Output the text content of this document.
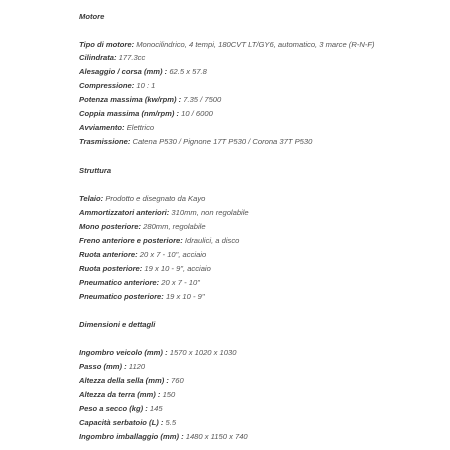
Motore
Tipo di motore: Monocilindrico, 4 tempi, 180CVT LT/GY6, automatico, 3 marce (R-N-F)
Cilindrata: 177.3cc
Alesaggio / corsa (mm) : 62.5 x 57.8
Compressione: 10 : 1
Potenza massima (kw/rpm) : 7.35 / 7500
Coppia massima (nm/rpm) : 10 / 6000
Avviamento: Elettrico
Trasmissione: Catena P530 / Pignone 17T P530 / Corona 37T P530
Struttura
Telaio: Prodotto e disegnato da Kayo
Ammortizzatori anteriori: 310mm, non regolabile
Mono posteriore: 280mm, regolabile
Freno anteriore e posteriore: Idraulici, a disco
Ruota anteriore: 20 x 7 - 10", acciaio
Ruota posteriore: 19 x 10 - 9", acciaio
Pneumatico anteriore: 20 x 7 - 10"
Pneumatico posteriore: 19 x 10 - 9"
Dimensioni e dettagli
Ingombro veicolo (mm) : 1570 x 1020 x 1030
Passo (mm) : 1120
Altezza della sella (mm) : 760
Altezza da terra (mm) : 150
Peso a secco (kg) : 145
Capacità serbatoio (L) : 5.5
Ingombro imballaggio (mm) : 1480 x 1150 x 740
